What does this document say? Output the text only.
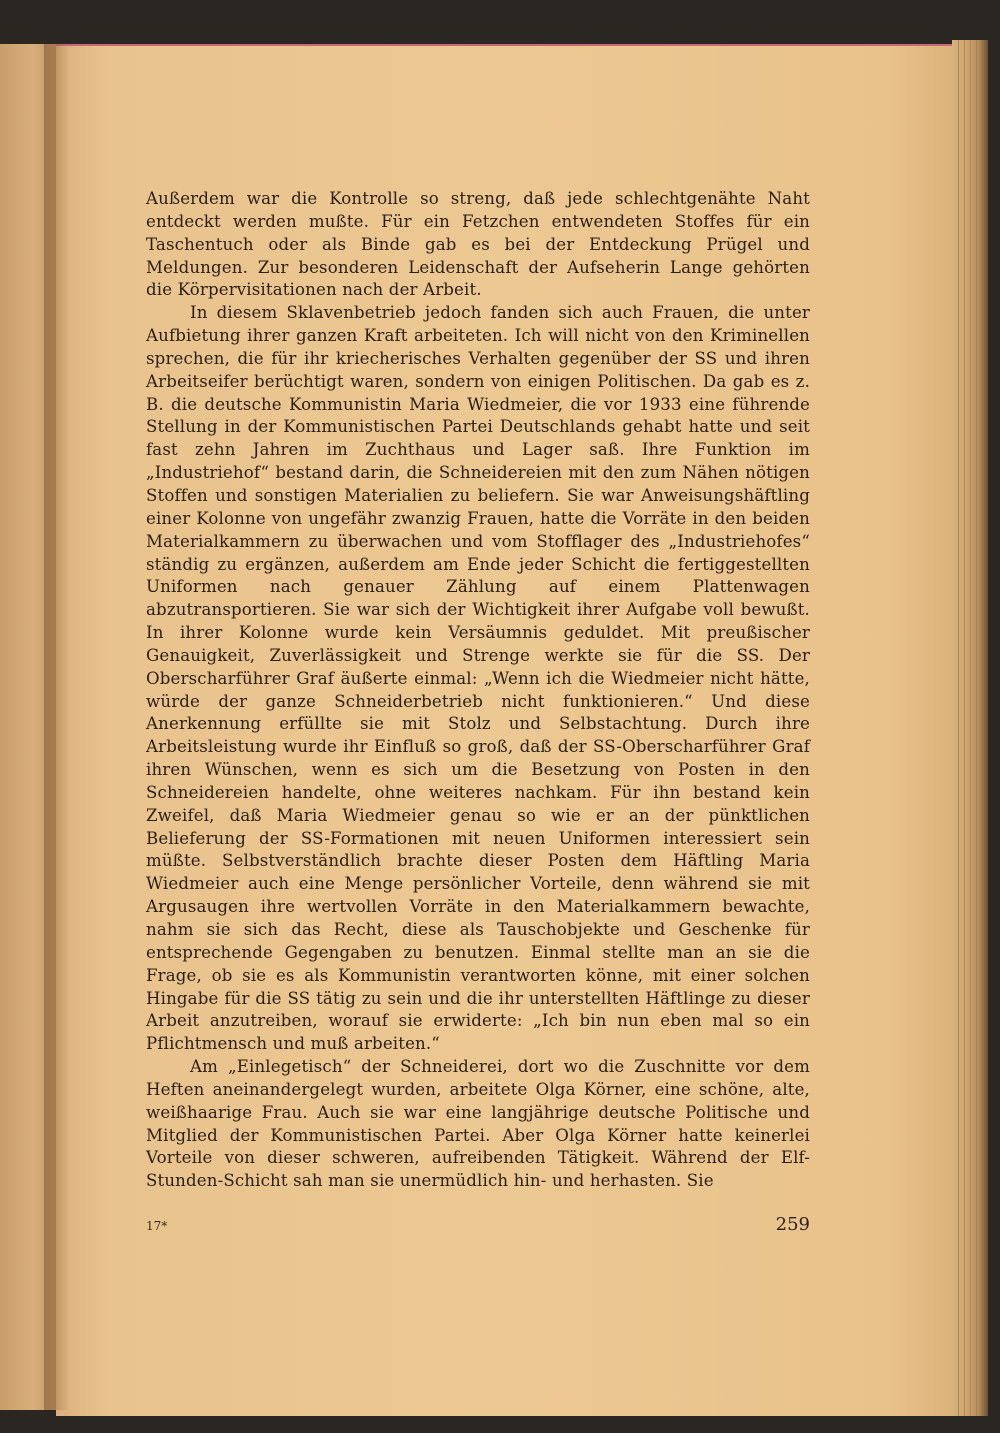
Außerdem war die Kontrolle so streng, daß jede schlechtgenähte Naht entdeckt werden mußte. Für ein Fetzchen entwendeten Stoffes für ein Taschentuch oder als Binde gab es bei der Entdeckung Prügel und Meldungen. Zur besonderen Leidenschaft der Aufseherin Lange gehörten die Körpervisitationen nach der Arbeit.

In diesem Sklavenbetrieb jedoch fanden sich auch Frauen, die unter Aufbietung ihrer ganzen Kraft arbeiteten. Ich will nicht von den Kriminellen sprechen, die für ihr kriecherisches Verhalten gegenüber der SS und ihren Arbeitseifer berüchtigt waren, sondern von einigen Politischen. Da gab es z. B. die deutsche Kommunistin Maria Wiedmeier, die vor 1933 eine führende Stellung in der Kommunistischen Partei Deutschlands gehabt hatte und seit fast zehn Jahren im Zuchthaus und Lager saß. Ihre Funktion im „Industriehof“ bestand darin, die Schneidereien mit den zum Nähen nötigen Stoffen und sonstigen Materialien zu beliefern. Sie war Anweisungshäftling einer Kolonne von ungefähr zwanzig Frauen, hatte die Vorräte in den beiden Materialkammern zu überwachen und vom Stofflager des „Industriehofes“ ständig zu ergänzen, außerdem am Ende jeder Schicht die fertiggestellten Uniformen nach genauer Zählung auf einem Plattenwagen abzutransportieren. Sie war sich der Wichtigkeit ihrer Aufgabe voll bewußt. In ihrer Kolonne wurde kein Versäumnis geduldet. Mit preußischer Genauigkeit, Zuverlässigkeit und Strenge werkte sie für die SS. Der Oberscharführer Graf äußerte einmal: „Wenn ich die Wiedmeier nicht hätte, würde der ganze Schneiderbetrieb nicht funktionieren.“ Und diese Anerkennung erfüllte sie mit Stolz und Selbstachtung. Durch ihre Arbeitsleistung wurde ihr Einfluß so groß, daß der SS-Oberscharführer Graf ihren Wünschen, wenn es sich um die Besetzung von Posten in den Schneidereien handelte, ohne weiteres nachkam. Für ihn bestand kein Zweifel, daß Maria Wiedmeier genau so wie er an der pünktlichen Belieferung der SS-Formationen mit neuen Uniformen interessiert sein müßte. Selbstverständlich brachte dieser Posten dem Häftling Maria Wiedmeier auch eine Menge persönlicher Vorteile, denn während sie mit Argusaugen ihre wertvollen Vorräte in den Materialkammern bewachte, nahm sie sich das Recht, diese als Tauschobjekte und Geschenke für entsprechende Gegengaben zu benutzen. Einmal stellte man an sie die Frage, ob sie es als Kommunistin verantworten könne, mit einer solchen Hingabe für die SS tätig zu sein und die ihr unterstellten Häftlinge zu dieser Arbeit anzutreiben, worauf sie erwiderte: „Ich bin nun eben mal so ein Pflichtmensch und muß arbeiten.“

Am „Einlegetisch“ der Schneiderei, dort wo die Zuschnitte vor dem Heften aneinandergelegt wurden, arbeitete Olga Körner, eine schöne, alte, weißhaarige Frau. Auch sie war eine langjährige deutsche Politische und Mitglied der Kommunistischen Partei. Aber Olga Körner hatte keinerlei Vorteile von dieser schweren, aufreibenden Tätigkeit. Während der Elf-Stunden-Schicht sah man sie unermüdlich hin- und herhasten. Sie

17*	259
